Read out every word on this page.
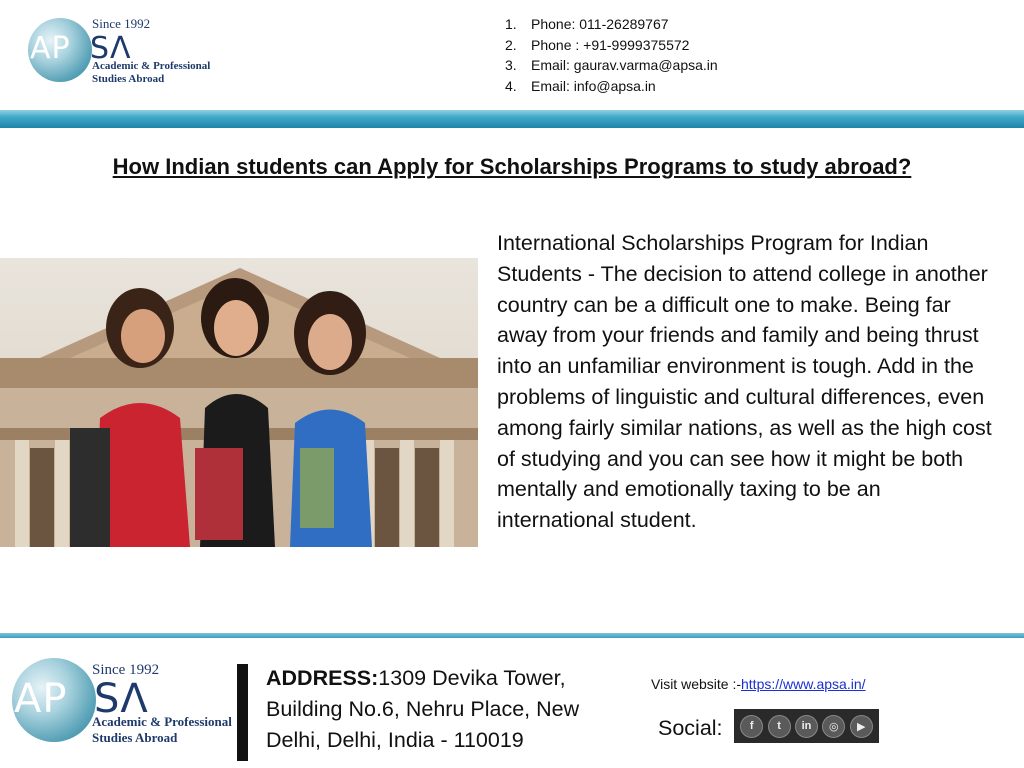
Since 1992
AP SΛ
Academic & Professional
Studies Abroad
1.	Phone: 011-26289767
2.	Phone : +91-9999375572
3.	Email: gaurav.varma@apsa.in
4.	Email: info@apsa.in
How Indian students can Apply for Scholarships Programs to study abroad?

International Scholarships Program for Indian Students - The decision to attend college in another country can be a difficult one to make. Being far away from your friends and family and being thrust into an unfamiliar environment is tough. Add in the problems of linguistic and cultural differences, even among fairly similar nations, as well as the high cost of studying and you can see how it might be both mentally and emotionally taxing to be an international student.

Since 1992
AP SΛ
Academic & Professional
Studies Abroad

ADDRESS:1309 Devika Tower, Building No.6, Nehru Place, New Delhi, Delhi, India - 110019

Visit website :-https://www.apsa.in/
Social:	f	t	in	◎	▶
